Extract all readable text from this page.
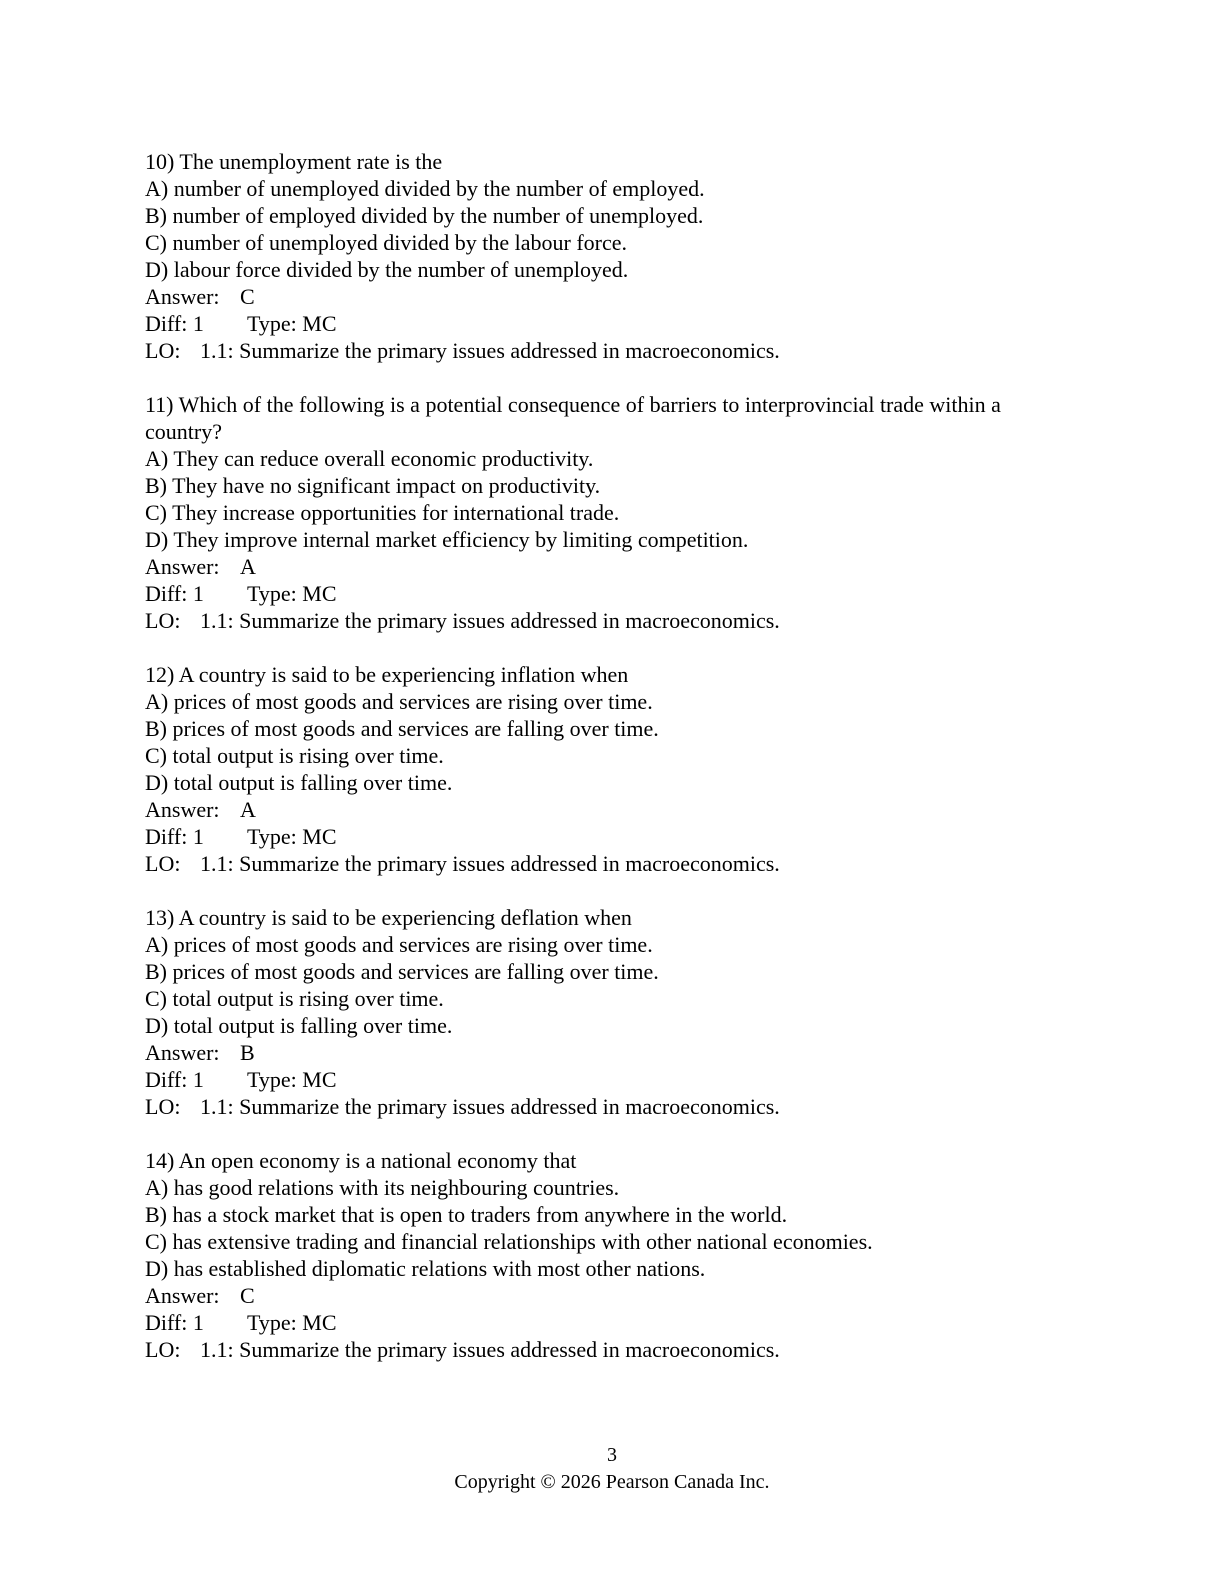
10) The unemployment rate is the
A) number of unemployed divided by the number of employed.
B) number of employed divided by the number of unemployed.
C) number of unemployed divided by the labour force.
D) labour force divided by the number of unemployed.
Answer: C
Diff: 1 Type: MC
LO: 1.1: Summarize the primary issues addressed in macroeconomics.
11) Which of the following is a potential consequence of barriers to interprovincial trade within a country?
A) They can reduce overall economic productivity.
B) They have no significant impact on productivity.
C) They increase opportunities for international trade.
D) They improve internal market efficiency by limiting competition.
Answer: A
Diff: 1 Type: MC
LO: 1.1: Summarize the primary issues addressed in macroeconomics.
12) A country is said to be experiencing inflation when
A) prices of most goods and services are rising over time.
B) prices of most goods and services are falling over time.
C) total output is rising over time.
D) total output is falling over time.
Answer: A
Diff: 1 Type: MC
LO: 1.1: Summarize the primary issues addressed in macroeconomics.
13) A country is said to be experiencing deflation when
A) prices of most goods and services are rising over time.
B) prices of most goods and services are falling over time.
C) total output is rising over time.
D) total output is falling over time.
Answer: B
Diff: 1 Type: MC
LO: 1.1: Summarize the primary issues addressed in macroeconomics.
14) An open economy is a national economy that
A) has good relations with its neighbouring countries.
B) has a stock market that is open to traders from anywhere in the world.
C) has extensive trading and financial relationships with other national economies.
D) has established diplomatic relations with most other nations.
Answer: C
Diff: 1 Type: MC
LO: 1.1: Summarize the primary issues addressed in macroeconomics.
3
Copyright © 2026 Pearson Canada Inc.
